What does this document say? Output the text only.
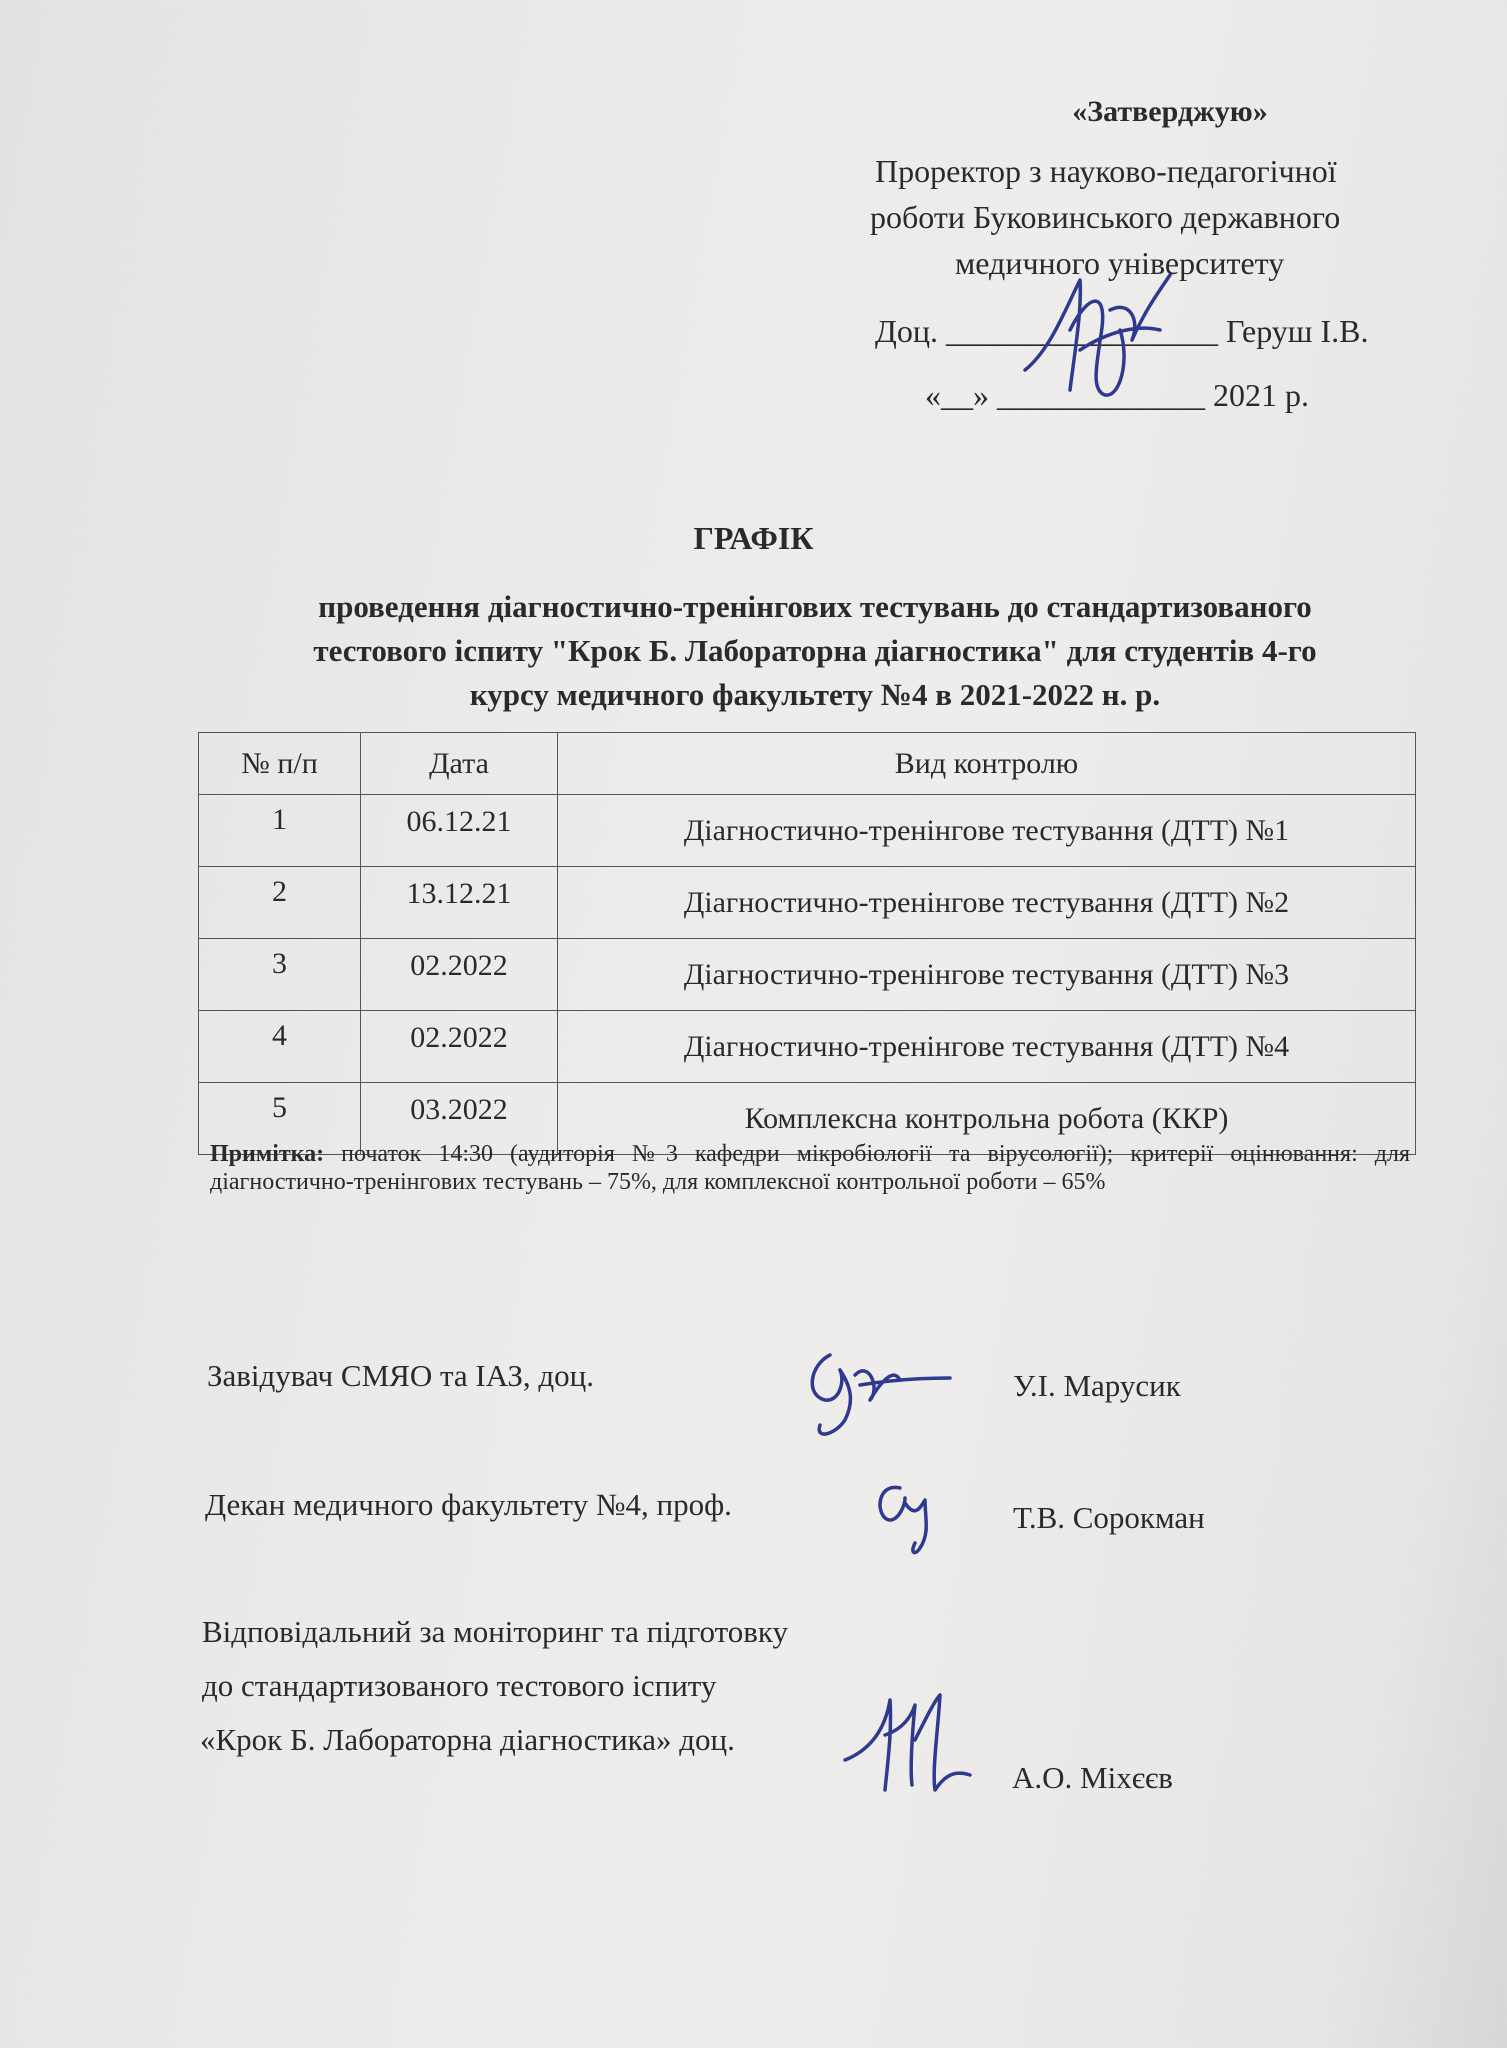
«Затверджую»
Проректор з науково-педагогічної
роботи Буковинського державного
медичного університету
Доц. _________________ Геруш І.В.
«__» _____________ 2021 р.
ГРАФІК
проведення діагностично-тренінгових тестувань до стандартизованого
тестового іспиту "Крок Б. Лабораторна діагностика" для студентів 4-го
курсу медичного факультету №4 в 2021-2022 н. р.
№ п/п	Дата	Вид контролю
1	06.12.21	Діагностично-тренінгове тестування (ДТТ) №1
2	13.12.21	Діагностично-тренінгове тестування (ДТТ) №2
3	02.2022	Діагностично-тренінгове тестування (ДТТ) №3
4	02.2022	Діагностично-тренінгове тестування (ДТТ) №4
5	03.2022	Комплексна контрольна робота (ККР)
Примітка: початок 14:30 (аудиторія №3 кафедри мікробіології та вірусології); критерії оцінювання: для діагностично-тренінгових тестувань – 75%, для комплексної контрольної роботи – 65%
Завідувач СМЯО та ІАЗ, доц.	У.І. Марусик
Декан медичного факультету №4, проф.	Т.В. Сорокман
Відповідальний за моніторинг та підготовку
до стандартизованого тестового іспиту
«Крок Б. Лабораторна діагностика» доц.
А.О. Міхєєв
